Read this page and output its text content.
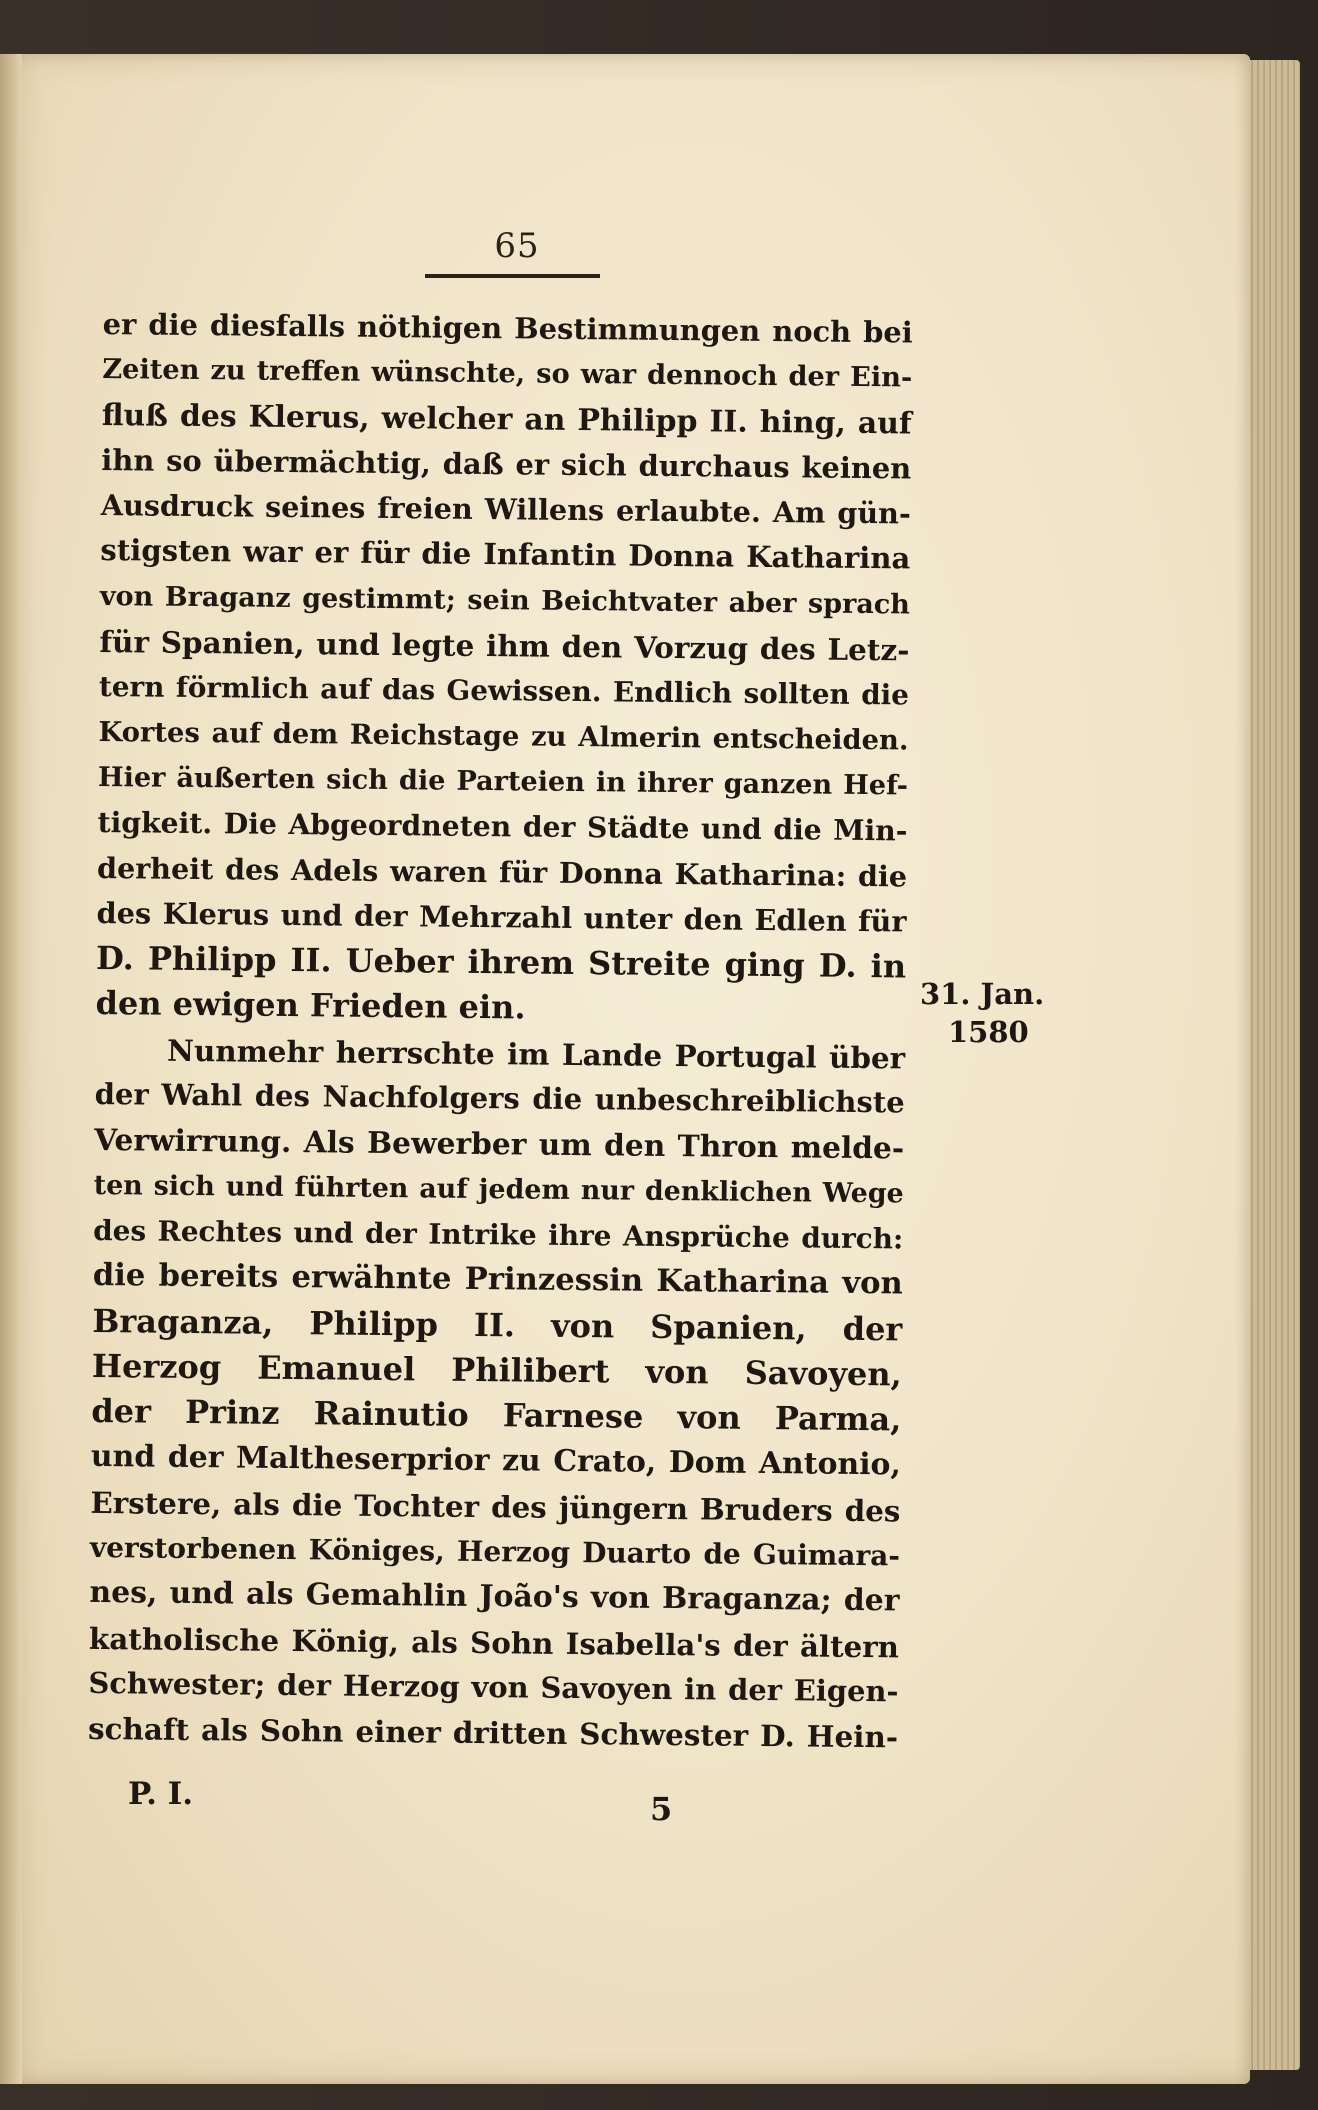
65
er die diesfalls nöthigen Bestimmungen noch bei
Zeiten zu treffen wünschte, so war dennoch der Ein-
fluß des Klerus, welcher an Philipp II. hing, auf
ihn so übermächtig, daß er sich durchaus keinen
Ausdruck seines freien Willens erlaubte. Am gün-
stigsten war er für die Infantin Donna Katharina
von Braganz gestimmt; sein Beichtvater aber sprach
für Spanien, und legte ihm den Vorzug des Letz-
tern förmlich auf das Gewissen. Endlich sollten die
Kortes auf dem Reichstage zu Almerin entscheiden.
Hier äußerten sich die Parteien in ihrer ganzen Hef-
tigkeit. Die Abgeordneten der Städte und die Min-
derheit des Adels waren für Donna Katharina: die
des Klerus und der Mehrzahl unter den Edlen für
D. Philipp II. Ueber ihrem Streite ging D. in
den ewigen Frieden ein.
Nunmehr herrschte im Lande Portugal über
der Wahl des Nachfolgers die unbeschreiblichste
Verwirrung. Als Bewerber um den Thron melde-
ten sich und führten auf jedem nur denklichen Wege
des Rechtes und der Intrike ihre Ansprüche durch:
die bereits erwähnte Prinzessin Katharina von
Braganza, Philipp II. von Spanien, der
Herzog Emanuel Philibert von Savoyen,
der Prinz Rainutio Farnese von Parma,
und der Maltheserprior zu Crato, Dom Antonio,
Erstere, als die Tochter des jüngern Bruders des
verstorbenen Königes, Herzog Duarto de Guimara-
nes, und als Gemahlin João's von Braganza; der
katholische König, als Sohn Isabella's der ältern
Schwester; der Herzog von Savoyen in der Eigen-
schaft als Sohn einer dritten Schwester D. Hein-
31. Jan.
1580
P. I.	5
